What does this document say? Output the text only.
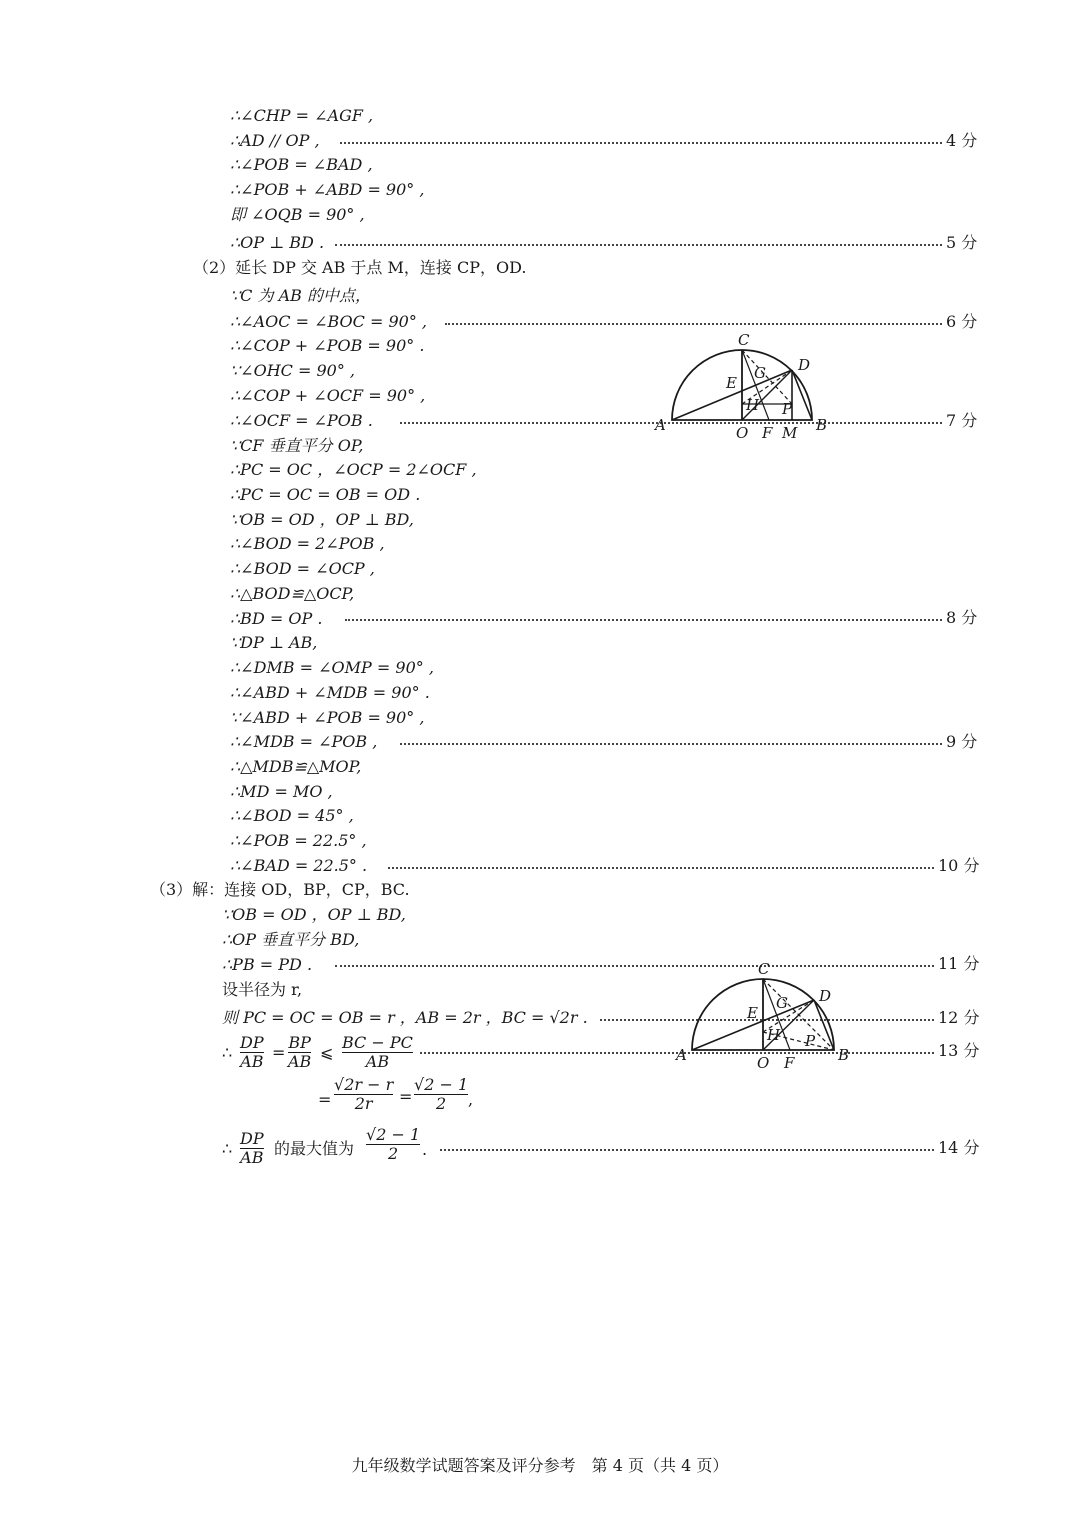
∴∠CHP = ∠AGF ,
∴AD // OP ,
∴∠POB = ∠BAD ,
∴∠POB + ∠ABD = 90° ,
即 ∠OQB = 90° ,
∴OP ⊥ BD .
（2）延长 DP 交 AB 于点 M，连接 CP，OD.
∵C 为 AB 的中点，
∴∠AOC = ∠BOC = 90° ,
∴∠COP + ∠POB = 90° .
∵∠OHC = 90° ,
∴∠COP + ∠OCF = 90° ,
∴∠OCF = ∠POB .
∵CF 垂直平分 OP,
∴PC = OC ，∠OCP = 2∠OCF ,
∴PC = OC = OB = OD .
∵OB = OD ，OP ⊥ BD,
∴∠BOD = 2∠POB ,
∴∠BOD = ∠OCP ,
∴△BOD≌△OCP,
∴BD = OP .
∵DP ⊥ AB,
∴∠DMB = ∠OMP = 90° ,
∴∠ABD + ∠MDB = 90° .
∵∠ABD + ∠POB = 90° ,
∴∠MDB = ∠POB ,
∴△MDB≌△MOP,
∴MD = MO ,
∴∠BOD = 45° ,
∴∠POB = 22.5° ,
∴∠BAD = 22.5° .
（3）解：连接 OD，BP，CP，BC.
∵OB = OD ，OP ⊥ BD,
∴OP 垂直平分 BD,
∴PB = PD .
设半径为 r,
则 PC = OC = OB = r ，AB = 2r ，BC = √2r .
∴
=
∴	的最大值为
$\frac{DP}{AB} = \frac{BP}{AB}$ ⩽ $\frac{BC - PC}{AB}$
$\frac{√2r - r}{2r} = \frac{√2 - 1}{2}$ ,
$\frac{DP}{AB}$	$\frac{√2 - 1}{2}$ .
4 分
5 分
6 分
7 分
8 分
9 分
10 分
11 分
12 分
13 分
14 分
C
D
E
G
H P
A	O F M B
C
D
E
G
H P
A	O F	B
九年级数学试题答案及评分参考　第 4 页（共 4 页）
